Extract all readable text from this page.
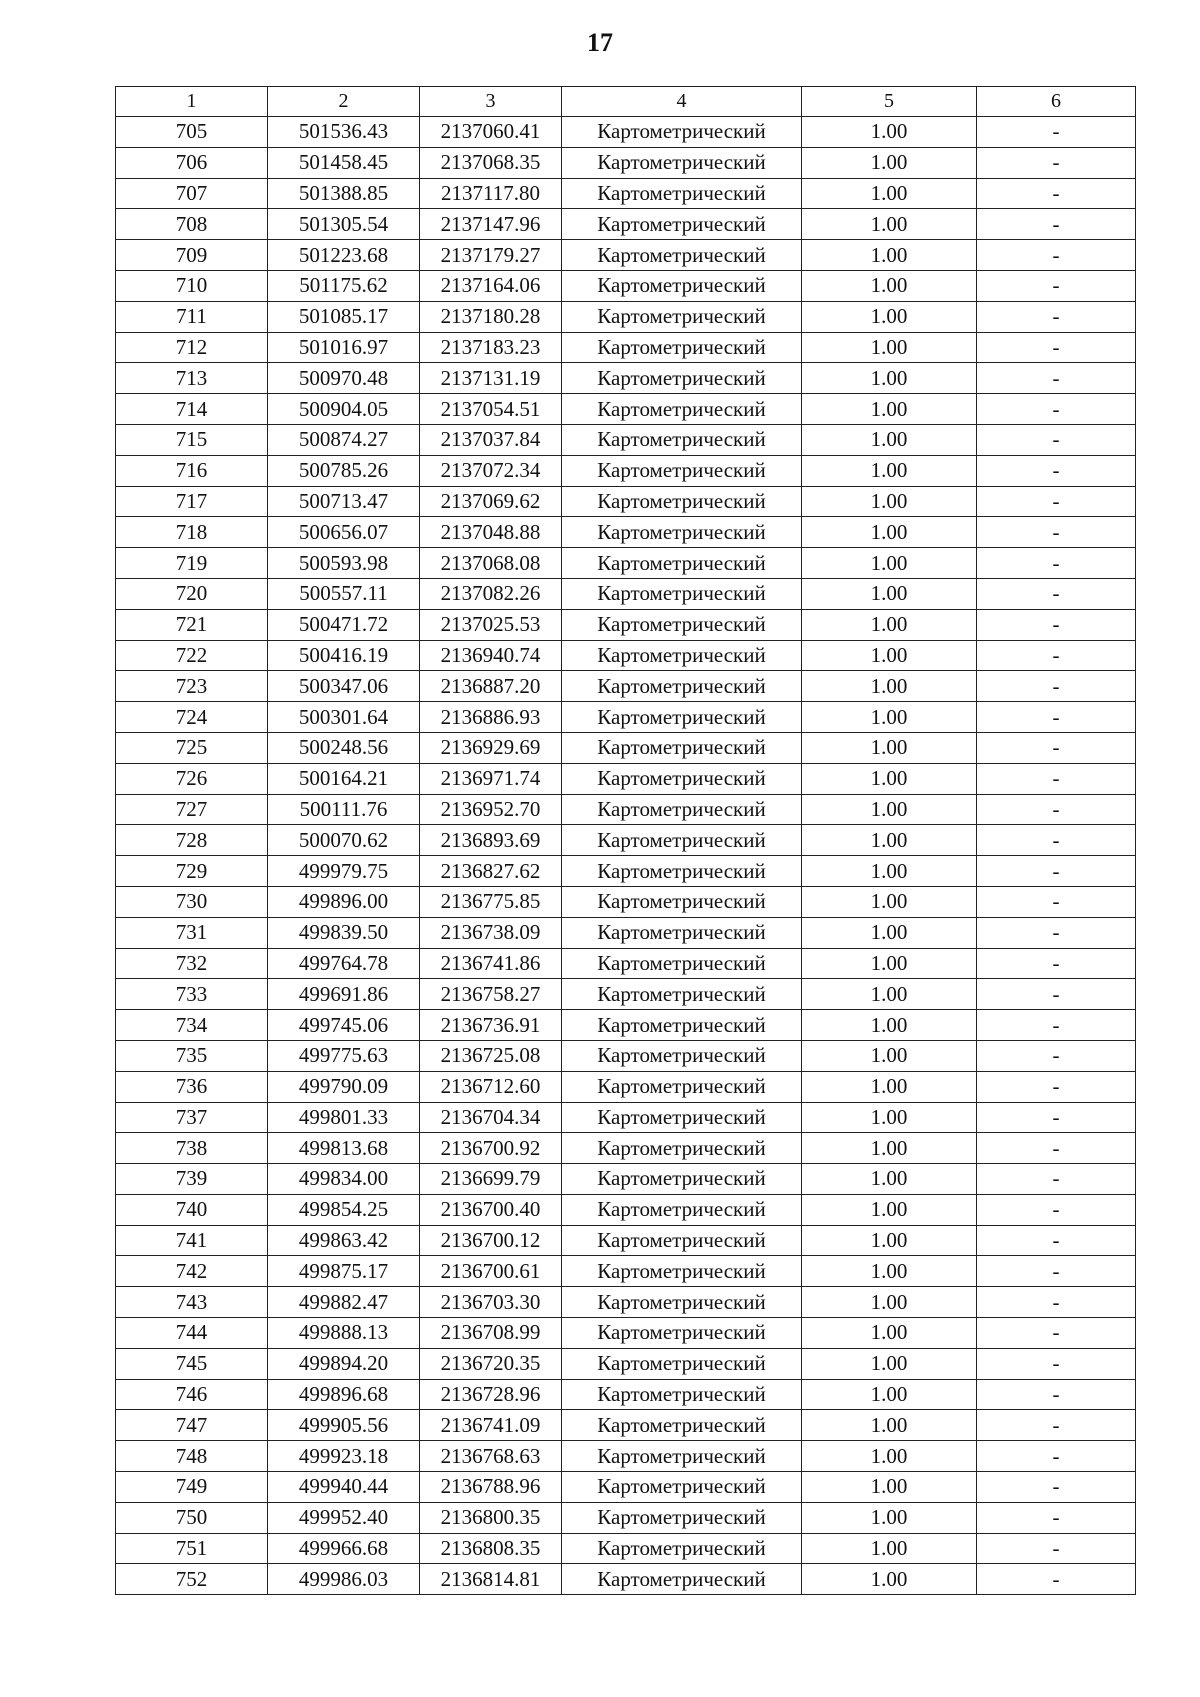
17
1	2	3	4	5	6
705	501536.43	2137060.41	Картометрический	1.00	-
706	501458.45	2137068.35	Картометрический	1.00	-
707	501388.85	2137117.80	Картометрический	1.00	-
708	501305.54	2137147.96	Картометрический	1.00	-
709	501223.68	2137179.27	Картометрический	1.00	-
710	501175.62	2137164.06	Картометрический	1.00	-
711	501085.17	2137180.28	Картометрический	1.00	-
712	501016.97	2137183.23	Картометрический	1.00	-
713	500970.48	2137131.19	Картометрический	1.00	-
714	500904.05	2137054.51	Картометрический	1.00	-
715	500874.27	2137037.84	Картометрический	1.00	-
716	500785.26	2137072.34	Картометрический	1.00	-
717	500713.47	2137069.62	Картометрический	1.00	-
718	500656.07	2137048.88	Картометрический	1.00	-
719	500593.98	2137068.08	Картометрический	1.00	-
720	500557.11	2137082.26	Картометрический	1.00	-
721	500471.72	2137025.53	Картометрический	1.00	-
722	500416.19	2136940.74	Картометрический	1.00	-
723	500347.06	2136887.20	Картометрический	1.00	-
724	500301.64	2136886.93	Картометрический	1.00	-
725	500248.56	2136929.69	Картометрический	1.00	-
726	500164.21	2136971.74	Картометрический	1.00	-
727	500111.76	2136952.70	Картометрический	1.00	-
728	500070.62	2136893.69	Картометрический	1.00	-
729	499979.75	2136827.62	Картометрический	1.00	-
730	499896.00	2136775.85	Картометрический	1.00	-
731	499839.50	2136738.09	Картометрический	1.00	-
732	499764.78	2136741.86	Картометрический	1.00	-
733	499691.86	2136758.27	Картометрический	1.00	-
734	499745.06	2136736.91	Картометрический	1.00	-
735	499775.63	2136725.08	Картометрический	1.00	-
736	499790.09	2136712.60	Картометрический	1.00	-
737	499801.33	2136704.34	Картометрический	1.00	-
738	499813.68	2136700.92	Картометрический	1.00	-
739	499834.00	2136699.79	Картометрический	1.00	-
740	499854.25	2136700.40	Картометрический	1.00	-
741	499863.42	2136700.12	Картометрический	1.00	-
742	499875.17	2136700.61	Картометрический	1.00	-
743	499882.47	2136703.30	Картометрический	1.00	-
744	499888.13	2136708.99	Картометрический	1.00	-
745	499894.20	2136720.35	Картометрический	1.00	-
746	499896.68	2136728.96	Картометрический	1.00	-
747	499905.56	2136741.09	Картометрический	1.00	-
748	499923.18	2136768.63	Картометрический	1.00	-
749	499940.44	2136788.96	Картометрический	1.00	-
750	499952.40	2136800.35	Картометрический	1.00	-
751	499966.68	2136808.35	Картометрический	1.00	-
752	499986.03	2136814.81	Картометрический	1.00	-
